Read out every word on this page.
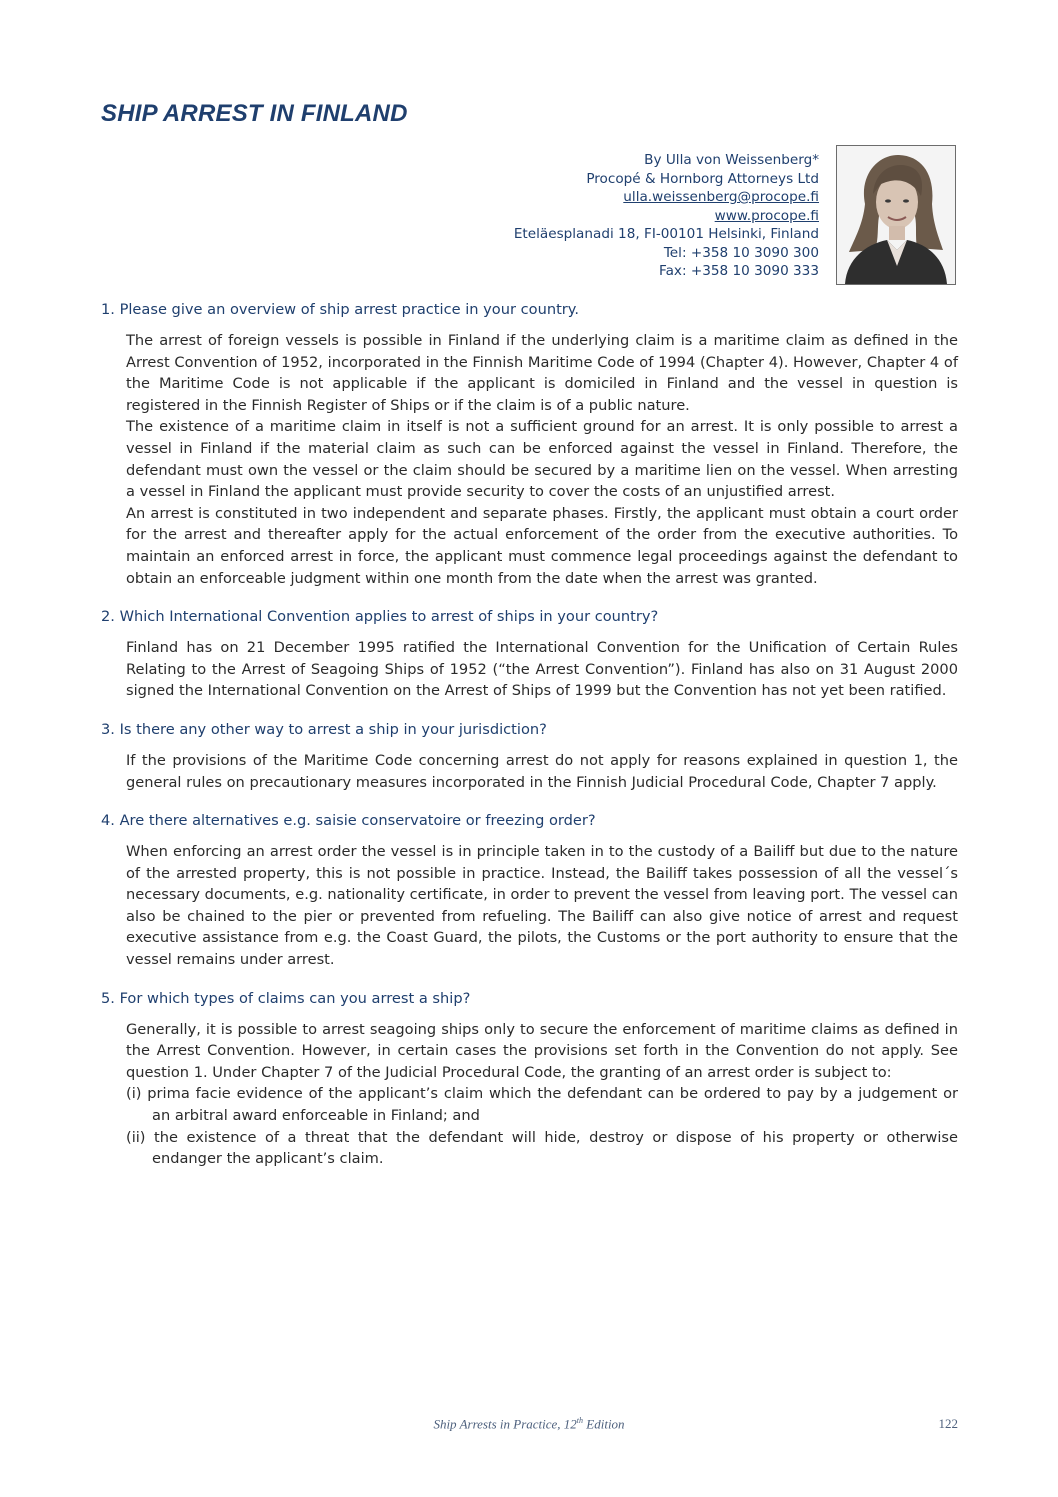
SHIP ARREST IN FINLAND
By Ulla von Weissenberg*
Procopé & Hornborg Attorneys Ltd
ulla.weissenberg@procope.fi
www.procope.fi
Eteläesplanadi 18, FI-00101 Helsinki, Finland
Tel: +358 10 3090 300
Fax: +358 10 3090 333

1. Please give an overview of ship arrest practice in your country.

The arrest of foreign vessels is possible in Finland if the underlying claim is a maritime claim as defined in the Arrest Convention of 1952, incorporated in the Finnish Maritime Code of 1994 (Chapter 4). However, Chapter 4 of the Maritime Code is not applicable if the applicant is domiciled in Finland and the vessel in question is registered in the Finnish Register of Ships or if the claim is of a public nature.

The existence of a maritime claim in itself is not a sufficient ground for an arrest. It is only possible to arrest a vessel in Finland if the material claim as such can be enforced against the vessel in Finland. Therefore, the defendant must own the vessel or the claim should be secured by a maritime lien on the vessel. When arresting a vessel in Finland the applicant must provide security to cover the costs of an unjustified arrest.

An arrest is constituted in two independent and separate phases. Firstly, the applicant must obtain a court order for the arrest and thereafter apply for the actual enforcement of the order from the executive authorities. To maintain an enforced arrest in force, the applicant must commence legal proceedings against the defendant to obtain an enforceable judgment within one month from the date when the arrest was granted.

2. Which International Convention applies to arrest of ships in your country?

Finland has on 21 December 1995 ratified the International Convention for the Unification of Certain Rules Relating to the Arrest of Seagoing Ships of 1952 (“the Arrest Convention”). Finland has also on 31 August 2000 signed the International Convention on the Arrest of Ships of 1999 but the Convention has not yet been ratified.

3. Is there any other way to arrest a ship in your jurisdiction?

If the provisions of the Maritime Code concerning arrest do not apply for reasons explained in question 1, the general rules on precautionary measures incorporated in the Finnish Judicial Procedural Code, Chapter 7 apply.

4. Are there alternatives e.g. saisie conservatoire or freezing order?

When enforcing an arrest order the vessel is in principle taken in to the custody of a Bailiff but due to the nature of the arrested property, this is not possible in practice. Instead, the Bailiff takes possession of all the vessel´s necessary documents, e.g. nationality certificate, in order to prevent the vessel from leaving port. The vessel can also be chained to the pier or prevented from refueling. The Bailiff can also give notice of arrest and request executive assistance from e.g. the Coast Guard, the pilots, the Customs or the port authority to ensure that the vessel remains under arrest.

5. For which types of claims can you arrest a ship?

Generally, it is possible to arrest seagoing ships only to secure the enforcement of maritime claims as defined in the Arrest Convention. However, in certain cases the provisions set forth in the Convention do not apply. See question 1. Under Chapter 7 of the Judicial Procedural Code, the granting of an arrest order is subject to:

(i) prima facie evidence of the applicant’s claim which the defendant can be ordered to pay by a judgement or an arbitral award enforceable in Finland; and

(ii) the existence of a threat that the defendant will hide, destroy or dispose of his property or otherwise endanger the applicant’s claim.

Ship Arrests in Practice, 12th Edition	122
